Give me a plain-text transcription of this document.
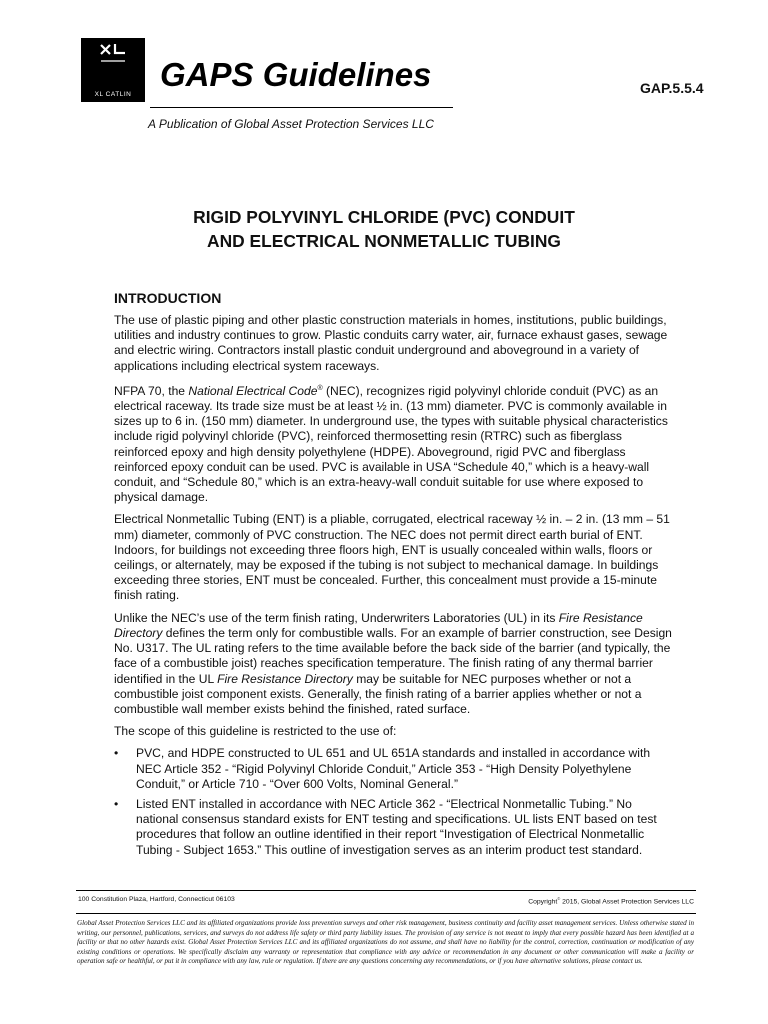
XL CATLIN
GAPS Guidelines	GAP.5.5.4
A Publication of Global Asset Protection Services LLC
RIGID POLYVINYL CHLORIDE (PVC) CONDUIT
AND ELECTRICAL NONMETALLIC TUBING
INTRODUCTION

The use of plastic piping and other plastic construction materials in homes, institutions, public buildings, utilities and industry continues to grow. Plastic conduits carry water, air, furnace exhaust gases, sewage and electric wiring. Contractors install plastic conduit underground and aboveground in a variety of applications including electrical system raceways.

NFPA 70, the National Electrical Code® (NEC), recognizes rigid polyvinyl chloride conduit (PVC) as an electrical raceway. Its trade size must be at least ½ in. (13 mm) diameter. PVC is commonly available in sizes up to 6 in. (150 mm) diameter. In underground use, the types with suitable physical characteristics include rigid polyvinyl chloride (PVC), reinforced thermosetting resin (RTRC) such as fiberglass reinforced epoxy and high density polyethylene (HDPE). Aboveground, rigid PVC and fiberglass reinforced epoxy conduit can be used. PVC is available in USA “Schedule 40,” which is a heavy-wall conduit, and “Schedule 80,” which is an extra-heavy-wall conduit suitable for use where exposed to physical damage.

Electrical Nonmetallic Tubing (ENT) is a pliable, corrugated, electrical raceway ½ in. – 2 in. (13 mm – 51 mm) diameter, commonly of PVC construction. The NEC does not permit direct earth burial of ENT. Indoors, for buildings not exceeding three floors high, ENT is usually concealed within walls, floors or ceilings, or alternately, may be exposed if the tubing is not subject to mechanical damage. In buildings exceeding three stories, ENT must be concealed. Further, this concealment must provide a 15-minute finish rating.

Unlike the NEC’s use of the term finish rating, Underwriters Laboratories (UL) in its Fire Resistance Directory defines the term only for combustible walls. For an example of barrier construction, see Design No. U317. The UL rating refers to the time available before the back side of the barrier (and typically, the face of a combustible joist) reaches specification temperature. The finish rating of any thermal barrier identified in the UL Fire Resistance Directory may be suitable for NEC purposes whether or not a combustible joist component exists. Generally, the finish rating of a barrier applies whether or not a combustible wall member exists behind the finished, rated surface.

The scope of this guideline is restricted to the use of:

• PVC, and HDPE constructed to UL 651 and UL 651A standards and installed in accordance with NEC Article 352 - “Rigid Polyvinyl Chloride Conduit,” Article 353 - “High Density Polyethylene Conduit,” or Article 710 - “Over 600 Volts, Nominal General.”
• Listed ENT installed in accordance with NEC Article 362 - “Electrical Nonmetallic Tubing.” No national consensus standard exists for ENT testing and specifications. UL lists ENT based on test procedures that follow an outline identified in their report “Investigation of Electrical Nonmetallic Tubing - Subject 1653.” This outline of investigation serves as an interim product test standard.
100 Constitution Plaza, Hartford, Connecticut 06103	Copyright© 2015, Global Asset Protection Services LLC
Global Asset Protection Services LLC and its affiliated organizations provide loss prevention surveys and other risk management, business continuity and facility asset management services. Unless otherwise stated in writing, our personnel, publications, services, and surveys do not address life safety or third party liability issues. The provision of any service is not meant to imply that every possible hazard has been identified at a facility or that no other hazards exist. Global Asset Protection Services LLC and its affiliated organizations do not assume, and shall have no liability for the control, correction, continuation or modification of any existing conditions or operations. We specifically disclaim any warranty or representation that compliance with any advice or recommendation in any document or other communication will make a facility or operation safe or healthful, or put it in compliance with any law, rule or regulation. If there are any questions concerning any recommendations, or if you have alternative solutions, please contact us.
